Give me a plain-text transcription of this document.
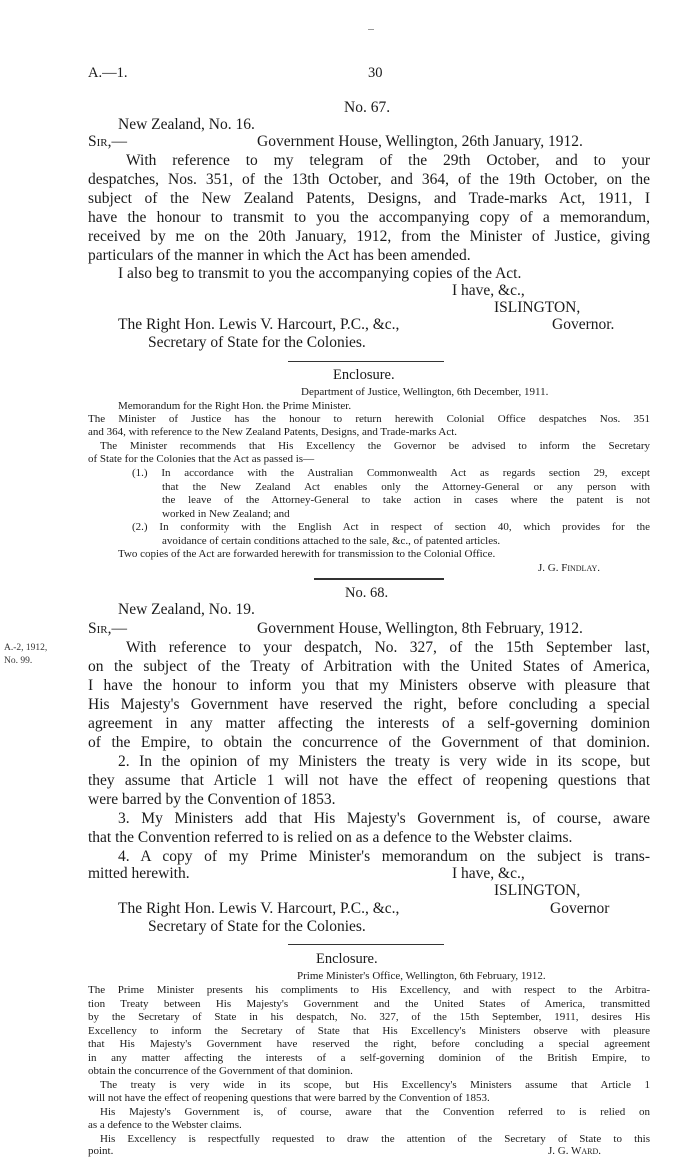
A.—1.	30
No. 67.
New Zealand, No. 16.
Sir,—	Government House, Wellington, 26th January, 1912.
With reference to my telegram of the 29th October, and to your
despatches, Nos. 351, of the 13th October, and 364, of the 19th October, on the
subject of the New Zealand Patents, Designs, and Trade-marks Act, 1911, I
have the honour to transmit to you the accompanying copy of a memorandum,
received by me on the 20th January, 1912, from the Minister of Justice, giving
particulars of the manner in which the Act has been amended.
I also beg to transmit to you the accompanying copies of the Act.
I have, &c.,
ISLINGTON,
The Right Hon. Lewis V. Harcourt, P.C., &c.,	Governor.
Secretary of State for the Colonies.
Enclosure.
Department of Justice, Wellington, 6th December, 1911.
Memorandum for the Right Hon. the Prime Minister.
The Minister of Justice has the honour to return herewith Colonial Office despatches Nos. 351
and 364, with reference to the New Zealand Patents, Designs, and Trade-marks Act.
The Minister recommends that His Excellency the Governor be advised to inform the Secretary
of State for the Colonies that the Act as passed is—
(1.) In accordance with the Australian Commonwealth Act as regards section 29, except
that the New Zealand Act enables only the Attorney-General or any person with
the leave of the Attorney-General to take action in cases where the patent is not
worked in New Zealand; and
(2.) In conformity with the English Act in respect of section 40, which provides for the
avoidance of certain conditions attached to the sale, &c., of patented articles.
Two copies of the Act are forwarded herewith for transmission to the Colonial Office.
J. G. Findlay.
No. 68.
New Zealand, No. 19.
Sir,—	Government House, Wellington, 8th February, 1912.
A.-2, 1912,
No. 99.
With reference to your despatch, No. 327, of the 15th September last,
on the subject of the Treaty of Arbitration with the United States of America,
I have the honour to inform you that my Ministers observe with pleasure that
His Majesty's Government have reserved the right, before concluding a special
agreement in any matter affecting the interests of a self-governing dominion
of the Empire, to obtain the concurrence of the Government of that dominion.
2. In the opinion of my Ministers the treaty is very wide in its scope, but
they assume that Article 1 will not have the effect of reopening questions that
were barred by the Convention of 1853.
3. My Ministers add that His Majesty's Government is, of course, aware
that the Convention referred to is relied on as a defence to the Webster claims.
4. A copy of my Prime Minister's memorandum on the subject is trans-
mitted herewith.	I have, &c.,
ISLINGTON,
The Right Hon. Lewis V. Harcourt, P.C., &c.,	Governor
Secretary of State for the Colonies.
Enclosure.
Prime Minister's Office, Wellington, 6th February, 1912.
The Prime Minister presents his compliments to His Excellency, and with respect to the Arbitra-
tion Treaty between His Majesty's Government and the United States of America, transmitted
by the Secretary of State in his despatch, No. 327, of the 15th September, 1911, desires His
Excellency to inform the Secretary of State that His Excellency's Ministers observe with pleasure
that His Majesty's Government have reserved the right, before concluding a special agreement
in any matter affecting the interests of a self-governing dominion of the British Empire, to
obtain the concurrence of the Government of that dominion.
The treaty is very wide in its scope, but His Excellency's Ministers assume that Article 1
will not have the effect of reopening questions that were barred by the Convention of 1853.
His Majesty's Government is, of course, aware that the Convention referred to is relied on
as a defence to the Webster claims.
His Excellency is respectfully requested to draw the attention of the Secretary of State to this
point.	J. G. Ward.
